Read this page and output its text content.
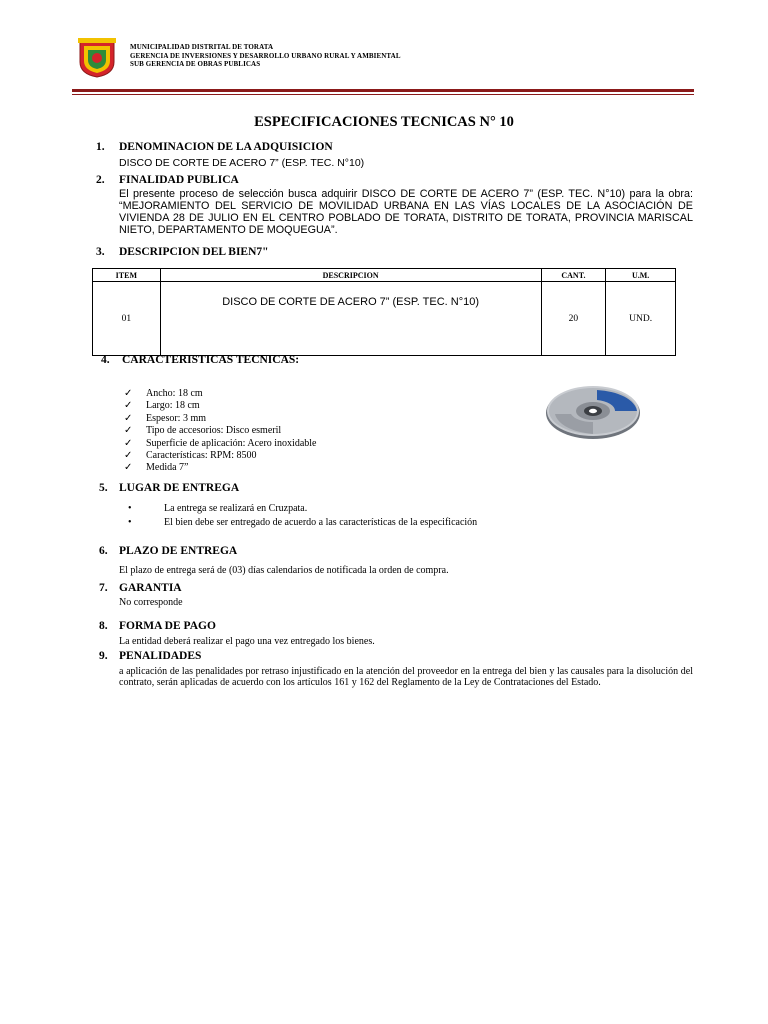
MUNICIPALIDAD DISTRITAL DE TORATA
GERENCIA DE INVERSIONES Y DESARROLLO URBANO RURAL Y AMBIENTAL
SUB GERENCIA DE OBRAS PUBLICAS
ESPECIFICACIONES TECNICAS N° 10
1. DENOMINACION DE LA ADQUISICION
DISCO DE CORTE DE ACERO 7” (ESP. TEC. N°10)
2. FINALIDAD PUBLICA
El presente proceso de selección busca adquirir DISCO DE CORTE DE ACERO 7” (ESP. TEC. N°10) para la obra: “MEJORAMIENTO DEL SERVICIO DE MOVILIDAD URBANA EN LAS VÍAS LOCALES DE LA ASOCIACIÓN DE VIVIENDA 28 DE JULIO EN EL CENTRO POBLADO DE TORATA, DISTRITO DE TORATA, PROVINCIA MARISCAL NIETO, DEPARTAMENTO DE MOQUEGUA”.
3. DESCRIPCION DEL BIEN7"
ITEM	DESCRIPCION	CANT.	U.M.
01	DISCO DE CORTE DE ACERO 7” (ESP. TEC. N°10)	20	UND.
4. CARACTERISTICAS TECNICAS:
✓ Ancho: 18 cm
✓ Largo: 18 cm
✓ Espesor: 3 mm
✓ Tipo de accesorios: Disco esmeril
✓ Superficie de aplicación: Acero inoxidable
✓ Características: RPM: 8500
✓ Medida 7”
5. LUGAR DE ENTREGA
•	La entrega se realizará en Cruzpata.
•	El bien debe ser entregado de acuerdo a las características de la especificación
6. PLAZO DE ENTREGA
El plazo de entrega será de (03) días calendarios de notificada la orden de compra.
7. GARANTIA
No corresponde
8. FORMA DE PAGO
La entidad deberá realizar el pago una vez entregado los bienes.
9. PENALIDADES
a aplicación de las penalidades por retraso injustificado en la atención del proveedor en la entrega del bien y las causales para la disolución del contrato, serán aplicadas de acuerdo con los artículos 161 y 162 del Reglamento de la Ley de Contrataciones del Estado.
